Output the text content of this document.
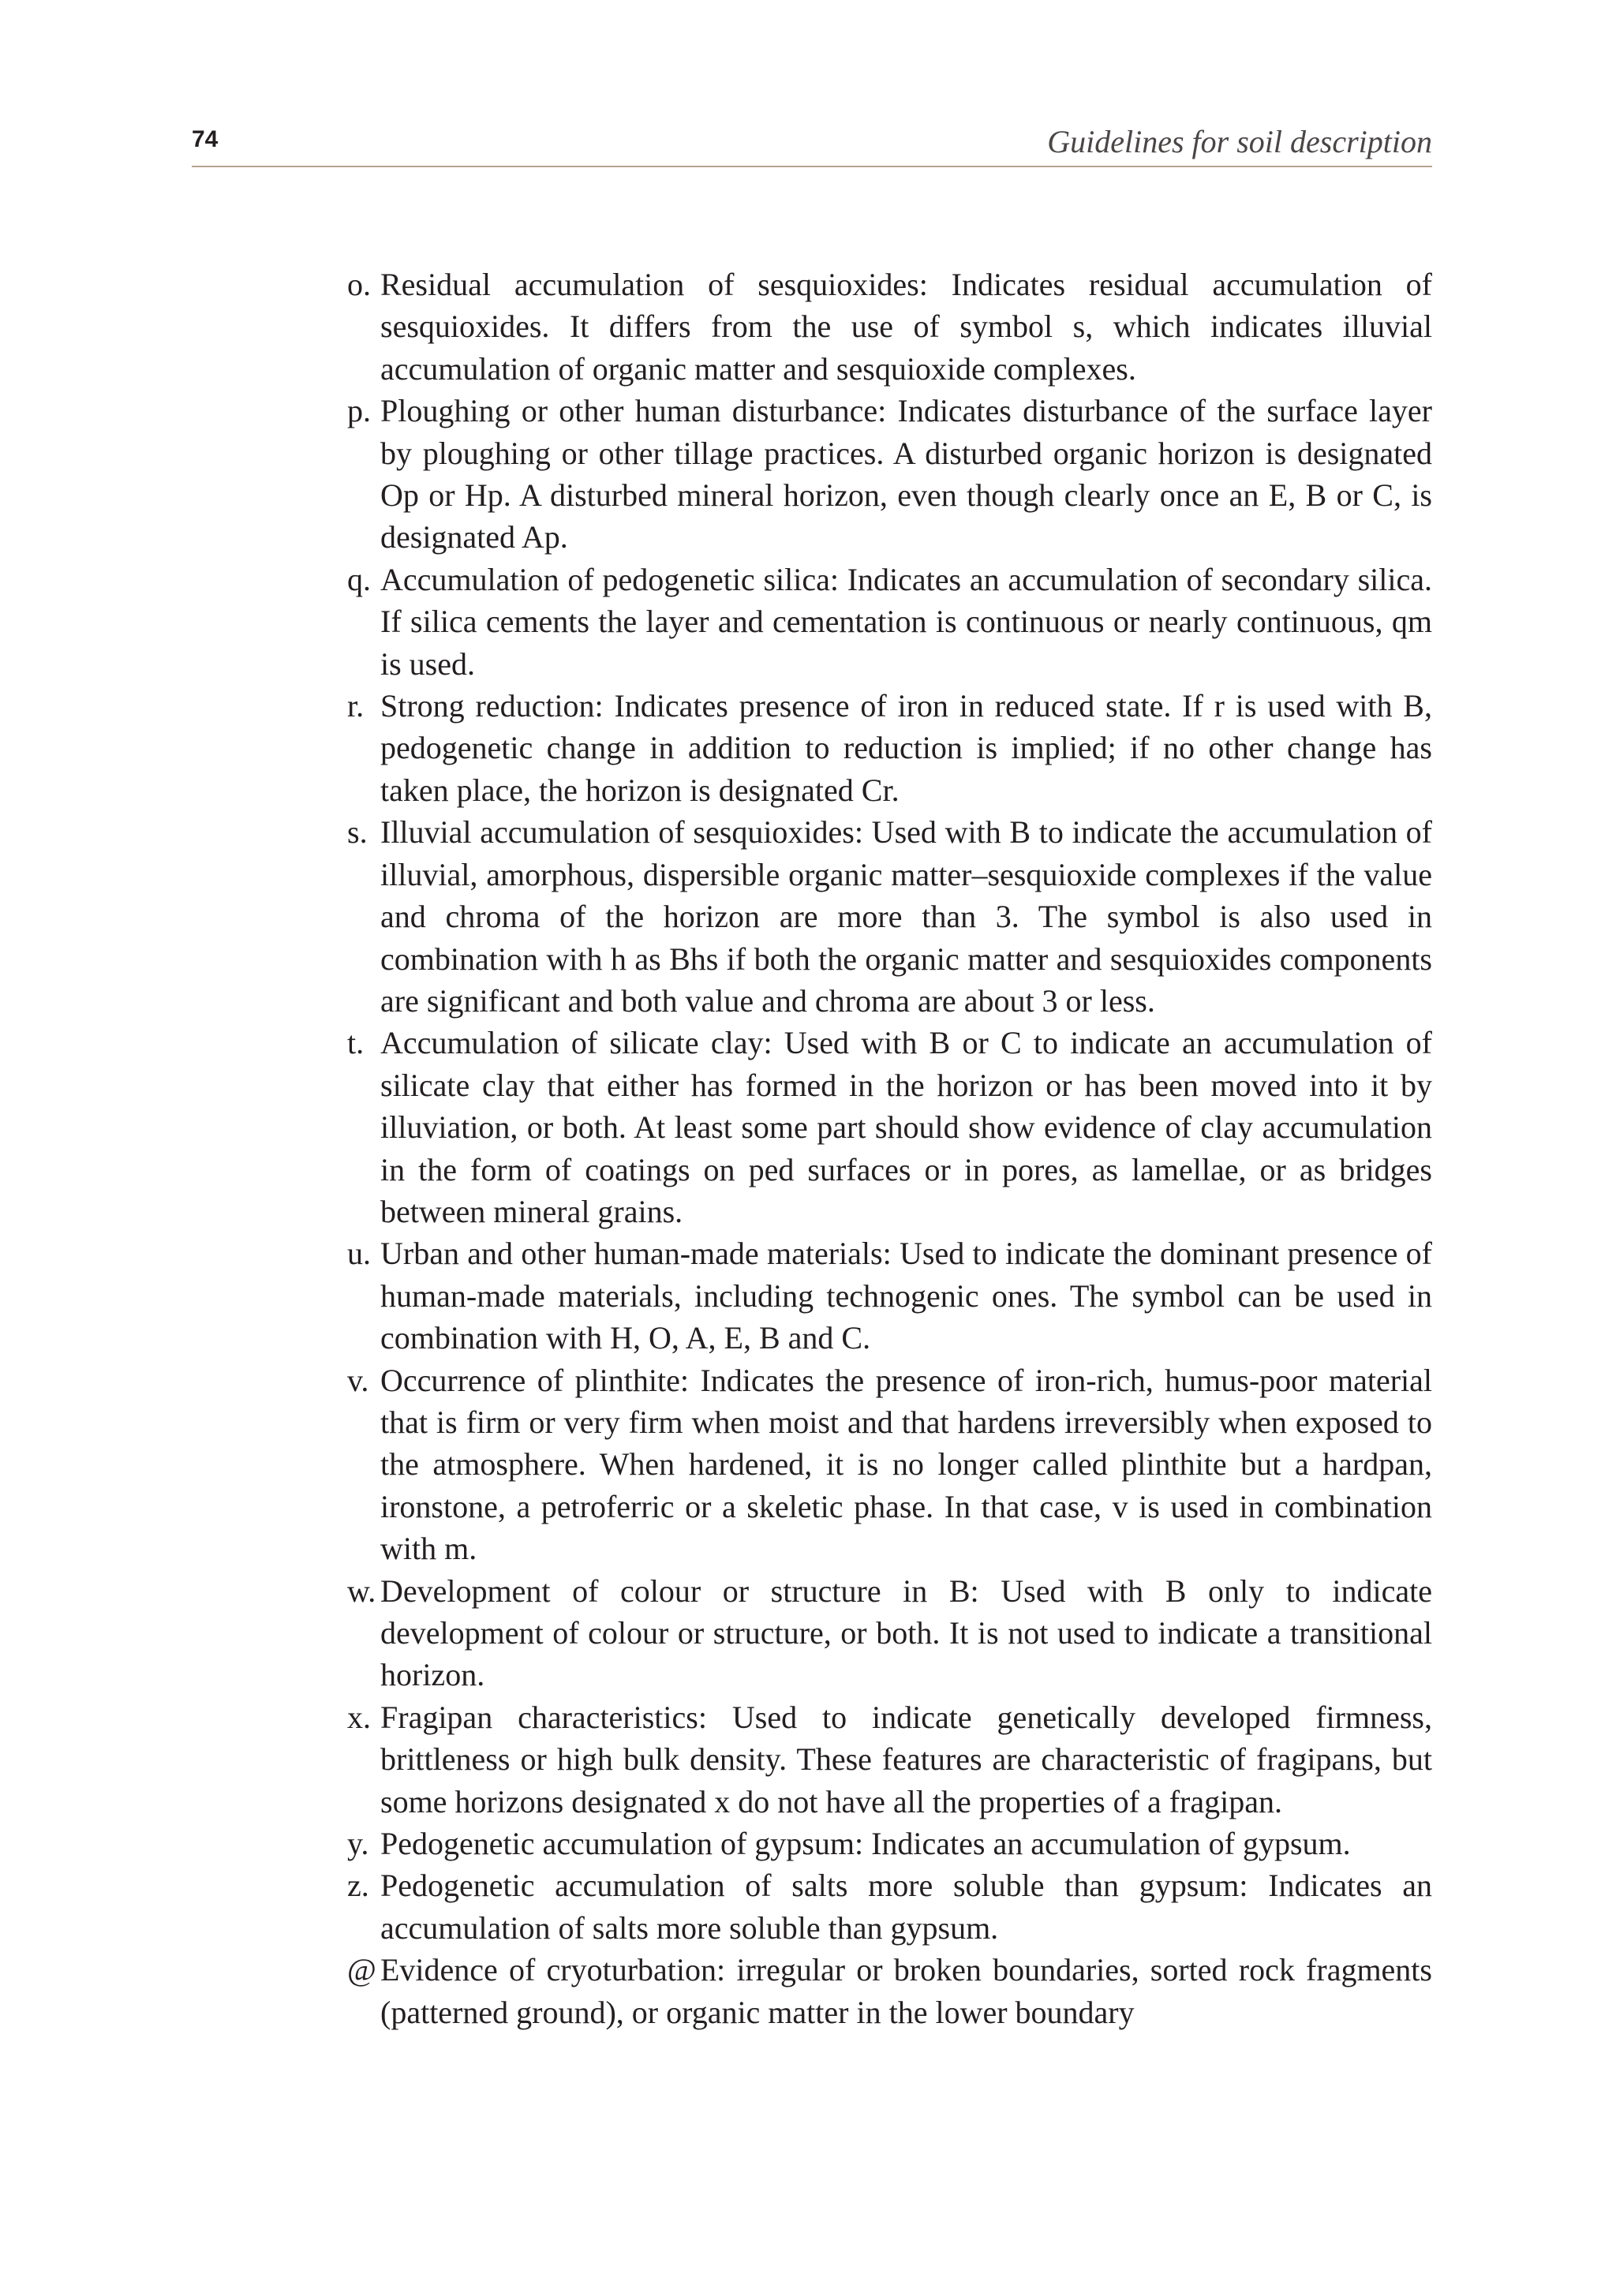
74	Guidelines for soil description
o. Residual accumulation of sesquioxides: Indicates residual accumulation of sesquioxides. It differs from the use of symbol s, which indicates illuvial accumulation of organic matter and sesquioxide complexes.
p. Ploughing or other human disturbance: Indicates disturbance of the surface layer by ploughing or other tillage practices. A disturbed organic horizon is designated Op or Hp. A disturbed mineral horizon, even though clearly once an E, B or C, is designated Ap.
q. Accumulation of pedogenetic silica: Indicates an accumulation of secondary silica. If silica cements the layer and cementation is continuous or nearly continuous, qm is used.
r. Strong reduction: Indicates presence of iron in reduced state. If r is used with B, pedogenetic change in addition to reduction is implied; if no other change has taken place, the horizon is designated Cr.
s. Illuvial accumulation of sesquioxides: Used with B to indicate the accumulation of illuvial, amorphous, dispersible organic matter–sesquioxide complexes if the value and chroma of the horizon are more than 3. The symbol is also used in combination with h as Bhs if both the organic matter and sesquioxides components are significant and both value and chroma are about 3 or less.
t. Accumulation of silicate clay: Used with B or C to indicate an accumulation of silicate clay that either has formed in the horizon or has been moved into it by illuviation, or both. At least some part should show evidence of clay accumulation in the form of coatings on ped surfaces or in pores, as lamellae, or as bridges between mineral grains.
u. Urban and other human-made materials: Used to indicate the dominant presence of human-made materials, including technogenic ones. The symbol can be used in combination with H, O, A, E, B and C.
v. Occurrence of plinthite: Indicates the presence of iron-rich, humus-poor material that is firm or very firm when moist and that hardens irreversibly when exposed to the atmosphere. When hardened, it is no longer called plinthite but a hardpan, ironstone, a petroferric or a skeletic phase. In that case, v is used in combination with m.
w. Development of colour or structure in B: Used with B only to indicate development of colour or structure, or both. It is not used to indicate a transitional horizon.
x. Fragipan characteristics: Used to indicate genetically developed firmness, brittleness or high bulk density. These features are characteristic of fragipans, but some horizons designated x do not have all the properties of a fragipan.
y. Pedogenetic accumulation of gypsum: Indicates an accumulation of gypsum.
z. Pedogenetic accumulation of salts more soluble than gypsum: Indicates an accumulation of salts more soluble than gypsum.
@ Evidence of cryoturbation: irregular or broken boundaries, sorted rock fragments (patterned ground), or organic matter in the lower boundary
